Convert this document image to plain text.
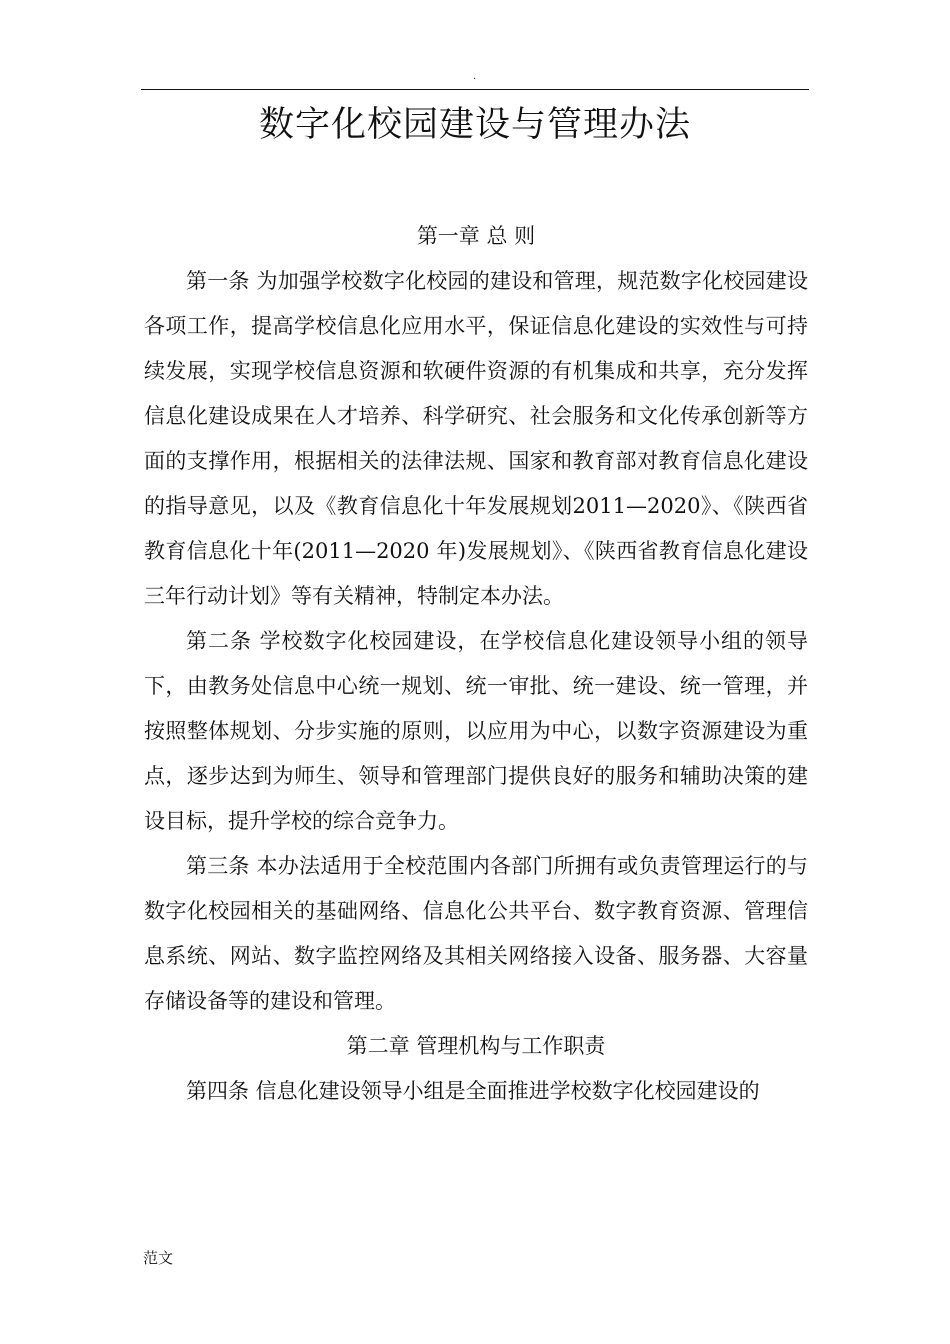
.
数字化校园建设与管理办法
第一章 总 则

第一条 为加强学校数字化校园的建设和管理，规范数字化校园建设各项工作，提高学校信息化应用水平，保证信息化建设的实效性与可持续发展，实现学校信息资源和软硬件资源的有机集成和共享，充分发挥信息化建设成果在人才培养、科学研究、社会服务和文化传承创新等方面的支撑作用，根据相关的法律法规、国家和教育部对教育信息化建设的指导意见，以及《教育信息化十年发展规划2011—2020》、《陕西省教育信息化十年(2011—2020 年)发展规划》、《陕西省教育信息化建设三年行动计划》等有关精神，特制定本办法。

第二条 学校数字化校园建设，在学校信息化建设领导小组的领导下，由教务处信息中心统一规划、统一审批、统一建设、统一管理，并按照整体规划、分步实施的原则，以应用为中心，以数字资源建设为重点，逐步达到为师生、领导和管理部门提供良好的服务和辅助决策的建设目标，提升学校的综合竞争力。

第三条 本办法适用于全校范围内各部门所拥有或负责管理运行的与数字化校园相关的基础网络、信息化公共平台、数字教育资源、管理信息系统、网站、数字监控网络及其相关网络接入设备、服务器、大容量存储设备等的建设和管理。

第二章 管理机构与工作职责

第四条 信息化建设领导小组是全面推进学校数字化校园建设的

范文
